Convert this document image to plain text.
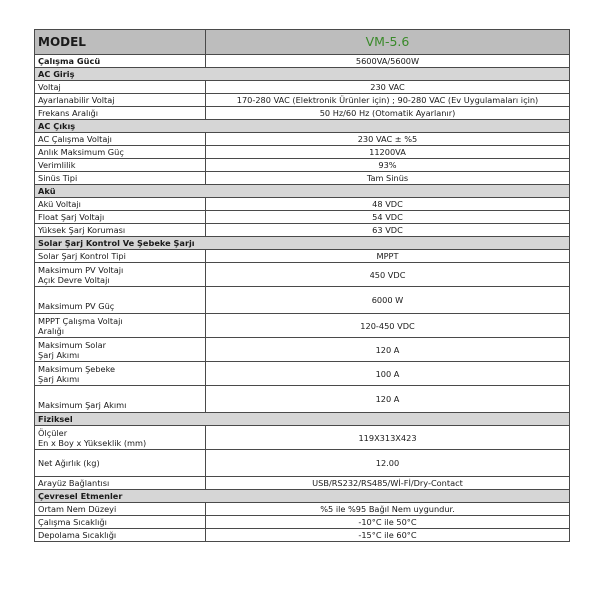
MODEL	VM-5.6
Çalışma Gücü	5600VA/5600W
AC Giriş	
Voltaj	230 VAC
Ayarlanabilir Voltaj	170-280 VAC (Elektronik Ürünler için) ; 90-280 VAC (Ev Uygulamaları için)
Frekans Aralığı	50 Hz/60 Hz (Otomatik Ayarlanır)
AC Çıkış	
AC Çalışma Voltajı	230 VAC ± %5
Anlık Maksimum Güç	11200VA
Verimlilik	93%
Sinüs Tipi	Tam Sinüs
Akü	
Akü Voltajı	48 VDC
Float Şarj Voltajı	54 VDC
Yüksek Şarj Koruması	63 VDC
Solar Şarj Kontrol Ve Şebeke Şarjı	
Solar Şarj Kontrol Tipi	MPPT

Maksimum PV Voltajı
Açık Devre Voltajı	450 VDC
Maksimum PV Güç	6000 W

MPPT Çalışma Voltajı
Aralığı	120-450 VDC

Maksimum Solar
Şarj Akımı	120 A

Maksimum Şebeke
Şarj Akımı	100 A
Maksimum Şarj Akımı	120 A
Fiziksel	

Ölçüler
En x Boy x Yükseklik (mm)	119X313X423
Net Ağırlık (kg)	12.00
Arayüz Bağlantısı	USB/RS232/RS485/Wİ-Fİ/Dry-Contact
Çevresel Etmenler	
Ortam Nem Düzeyi	%5 ile %95 Bağıl Nem uygundur.
Çalışma Sıcaklığı	-10°C ile 50°C
Depolama Sıcaklığı	-15°C ile 60°C
